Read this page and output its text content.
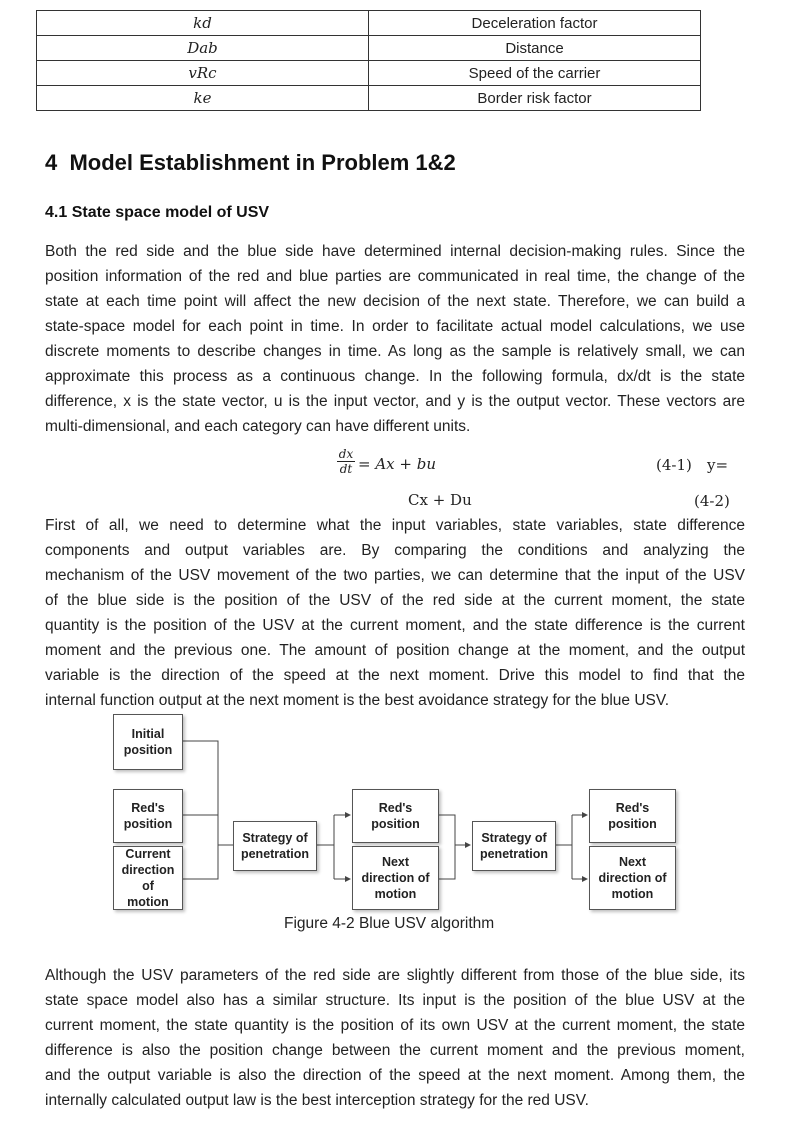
kd	Deceleration factor
Dab	Distance
vRc	Speed of the carrier
ke	Border risk factor
4  Model Establishment in Problem 1&2
4.1 State space model of USV
Both the red side and the blue side have determined internal decision-making rules. Since the
position information of the red and blue parties are communicated in real time, the change of the
state at each time point will affect the new decision of the next state. Therefore, we can build a
state-space model for each point in time. In order to facilitate actual model calculations, we use
discrete moments to describe changes in time. As long as the sample is relatively small, we can
approximate this process as a continuous change. In the following formula, dx/dt is the state
difference, x is the state vector, u is the input vector, and y is the output vector. These vectors are
multi-dimensional, and each category can have different units.
$\frac{dx}{dt} = Ax$ + bu	(4-1) y=
Cx + Du	(4-2)
First of all, we need to determine what the input variables, state variables, state difference
components and output variables are. By comparing the conditions and analyzing the
mechanism of the USV movement of the two parties, we can determine that the input of the USV
of the blue side is the position of the USV of the red side at the current moment, the state
quantity is the position of the USV at the current moment, and the state difference is the current
moment and the previous one. The amount of position change at the moment, and the output
variable is the direction of the speed at the next moment. Drive this model to find that the
internal function output at the next moment is the best avoidance strategy for the blue USV.
Initial
position
Red's
position
Current
direction of
motion
Strategy of
penetration
Red's
position
Next
direction of
motion
Strategy of
penetration
Red's
position
Next
direction of
motion
Figure 4-2 Blue USV algorithm
Although the USV parameters of the red side are slightly different from those of the blue side, its
state space model also has a similar structure. Its input is the position of the blue USV at the
current moment, the state quantity is the position of its own USV at the current moment, the state
difference is also the position change between the current moment and the previous moment,
and the output variable is also the direction of the speed at the next moment. Among them, the
internally calculated output law is the best interception strategy for the red USV.
